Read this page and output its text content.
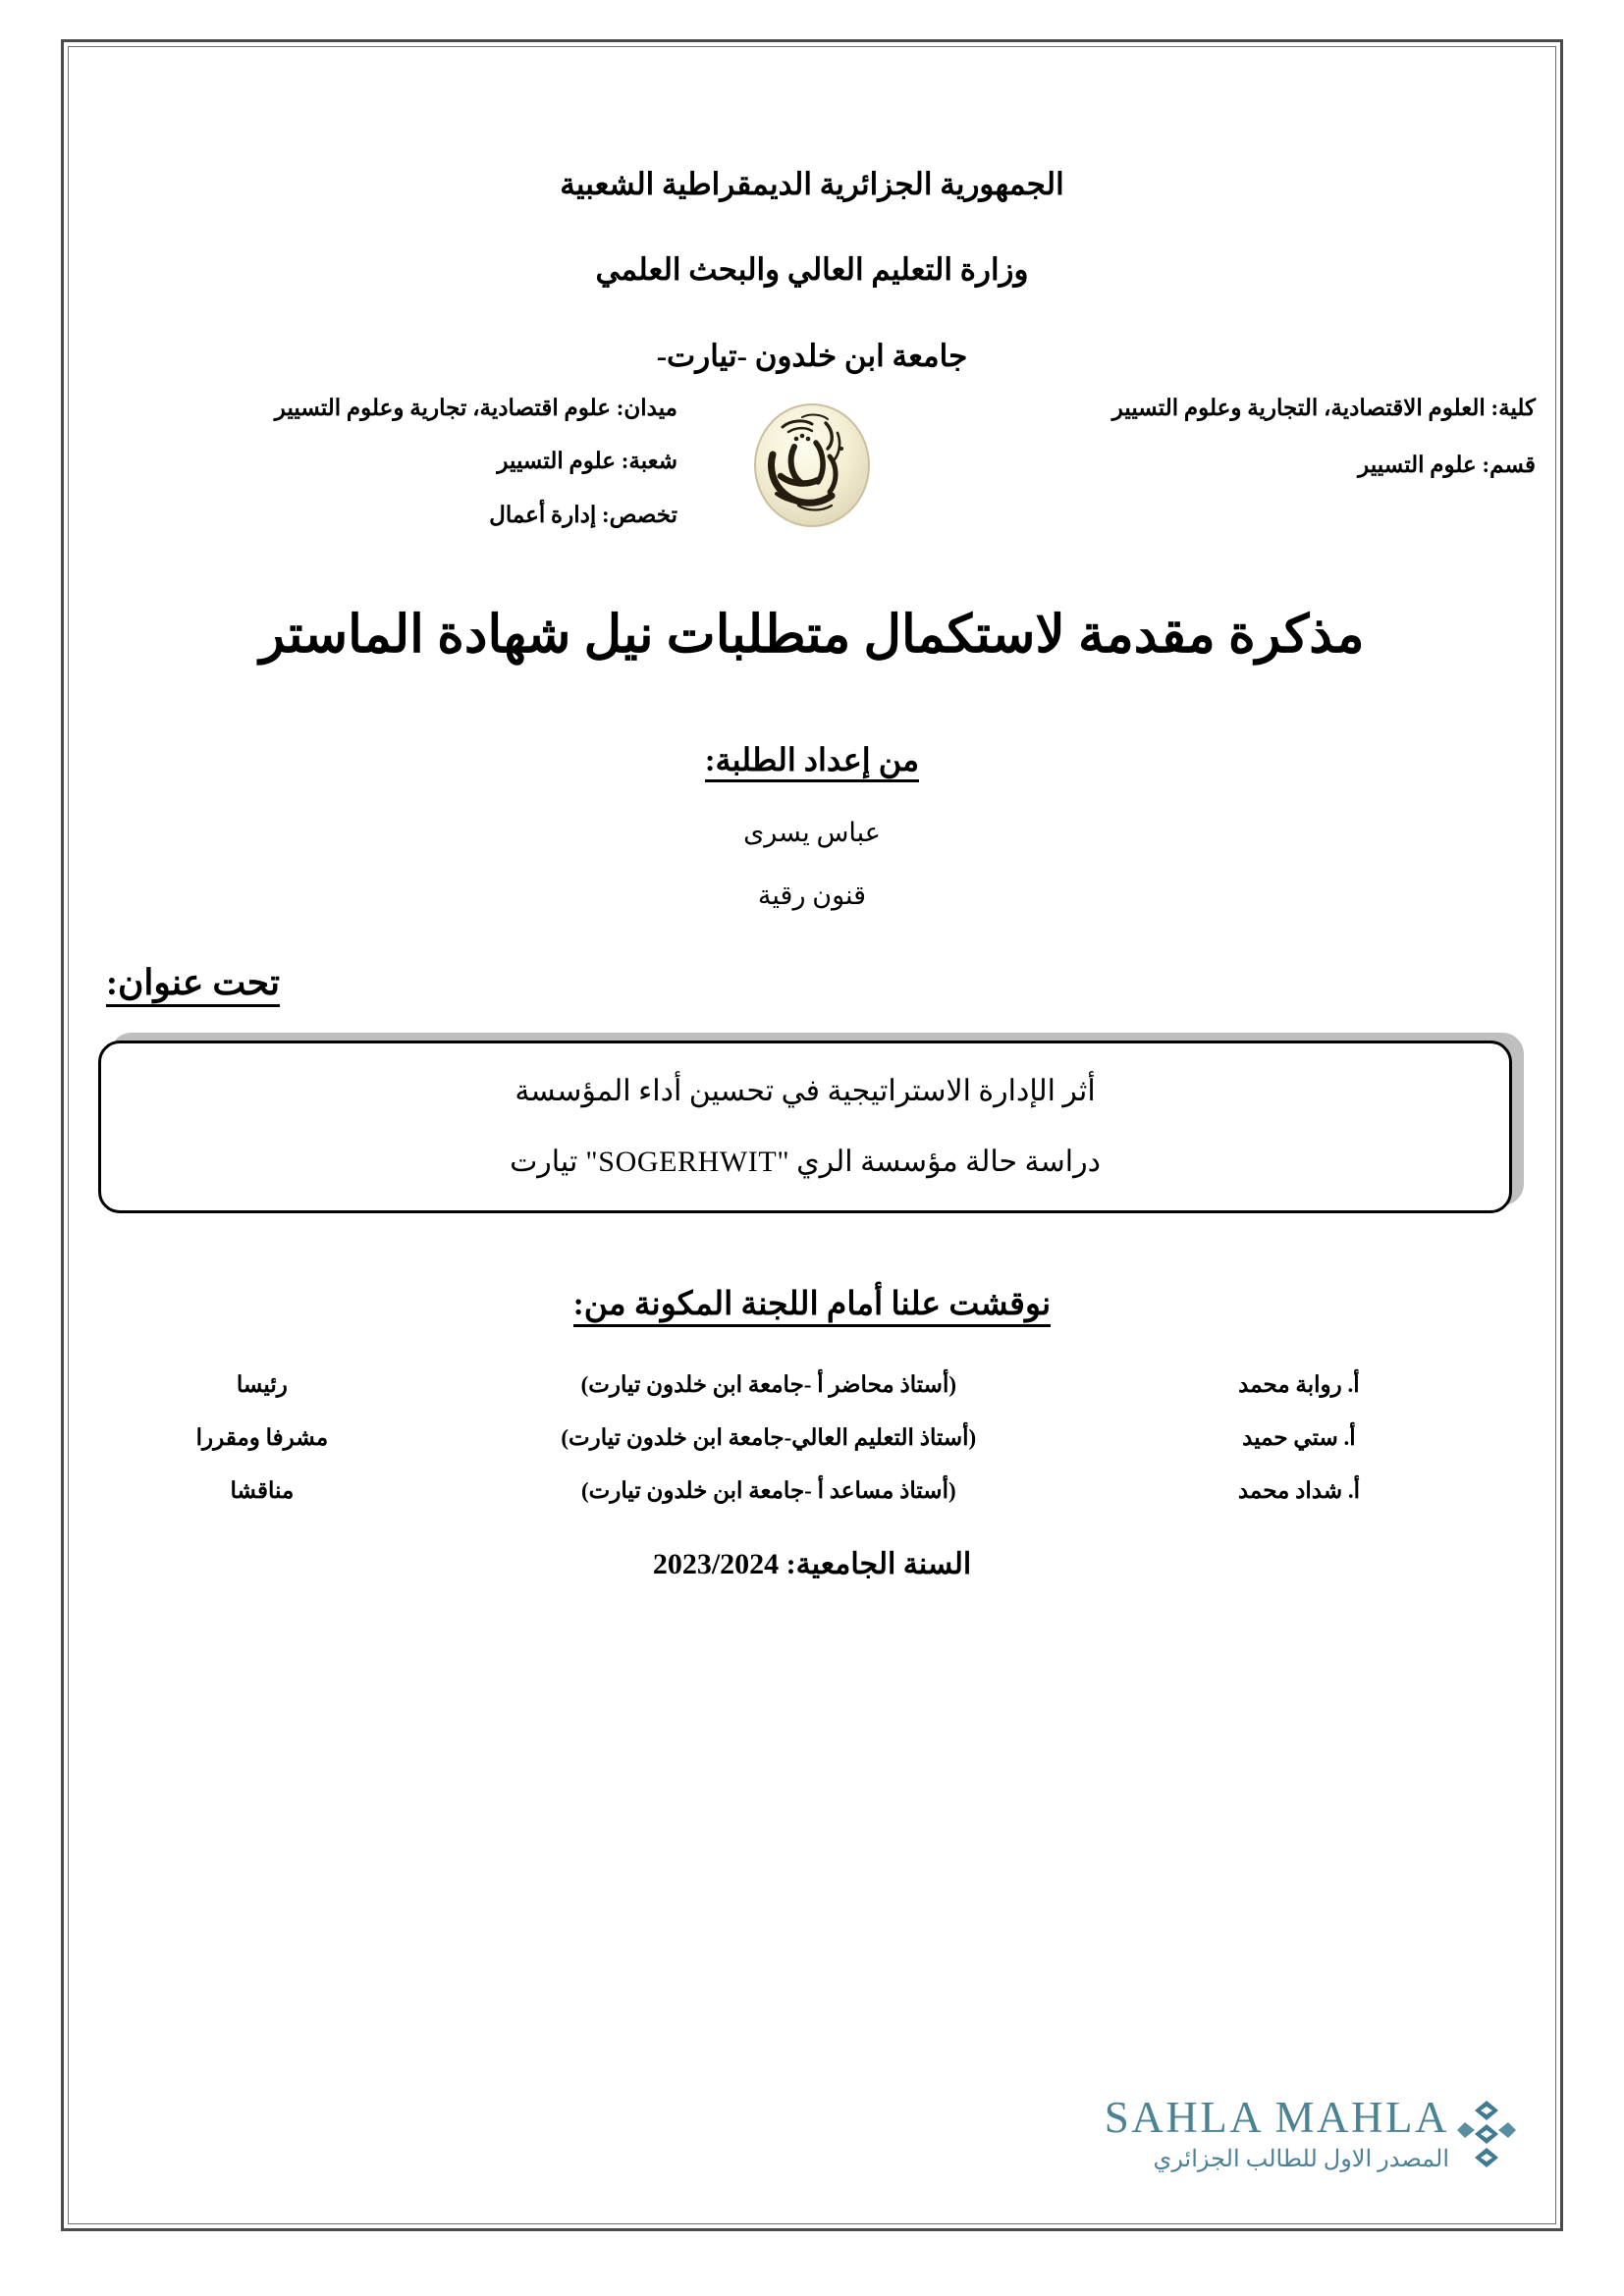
الجمهورية الجزائرية الديمقراطية الشعبية
وزارة التعليم العالي والبحث العلمي
جامعة ابن خلدون -تيارت-
كلية: العلوم الاقتصادية، التجارية وعلوم التسيير
قسم: علوم التسيير
ميدان: علوم اقتصادية، تجارية وعلوم التسيير
شعبة: علوم التسيير
تخصص: إدارة أعمال
مذكرة مقدمة لاستكمال متطلبات نيل شهادة الماستر
من إعداد الطلبة:
عباس يسرى
قنون رقية
تحت عنوان:
أثر الإدارة الاستراتيجية في تحسين أداء المؤسسة
دراسة حالة مؤسسة الري "SOGERHWIT" تيارت
نوقشت علنا أمام اللجنة المكونة من:
أ. روابة محمد	(أستاذ محاضر أ -جامعة ابن خلدون تيارت)	رئيسا
أ. ستي حميد	(أستاذ التعليم العالي-جامعة ابن خلدون تيارت)	مشرفا ومقررا
أ. شداد محمد	(أستاذ مساعد أ -جامعة ابن خلدون تيارت)	مناقشا
السنة الجامعية: 2023/2024
SAHLA MAHLA
المصدر الاول للطالب الجزائري
